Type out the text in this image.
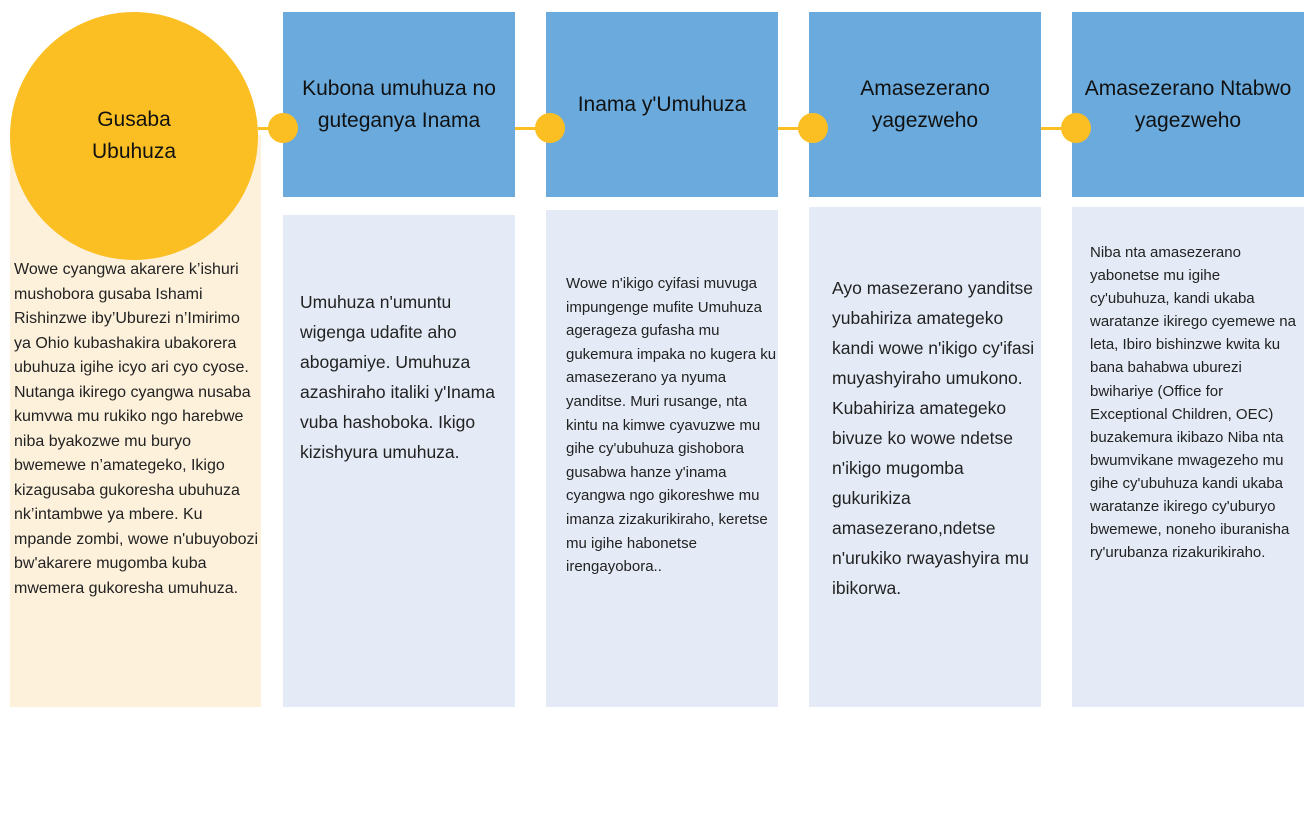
Gusaba Ubuhuza
Wowe cyangwa akarere k’ishuri mushobora gusaba Ishami Rishinzwe iby’Uburezi n’Imirimo ya Ohio kubashakira ubakorera ubuhuza igihe icyo ari cyo cyose. Nutanga ikirego cyangwa nusaba kumvwa mu rukiko ngo harebwe niba byakozwe mu buryo bwemewe n’amategeko, Ikigo kizagusaba gukoresha ubuhuza nk’intambwe ya mbere. Ku mpande zombi, wowe n'ubuyobozi bw'akarere mugomba kuba mwemera gukoresha umuhuza.
Kubona umuhuza no guteganya Inama
Umuhuza n'umuntu wigenga udafite aho abogamiye. Umuhuza azashiraho italiki y'Inama vuba hashoboka. Ikigo kizishyura umuhuza.
Inama y'Umuhuza
Wowe n'ikigo cyifasi muvuga impungenge mufite Umuhuza agerageza gufasha mu gukemura impaka no kugera ku amasezerano ya nyuma yanditse. Muri rusange, nta kintu na kimwe cyavuzwe mu gihe cy'ubuhuza gishobora gusabwa hanze y'inama cyangwa ngo gikoreshwe mu imanza zizakurikiraho, keretse mu igihe habonetse irengayobora..
Amasezerano yagezweho
Ayo masezerano yanditse yubahiriza amategeko kandi wowe n'ikigo cy'ifasi muyashyiraho umukono. Kubahiriza amategeko bivuze ko wowe ndetse n'ikigo mugomba gukurikiza amasezerano,ndetse n'urukiko rwayashyira mu ibikorwa.
Amasezerano Ntabwo yagezweho
Niba nta amasezerano yabonetse mu igihe cy'ubuhuza, kandi ukaba waratanze ikirego cyemewe na leta, Ibiro bishinzwe kwita ku bana bahabwa uburezi bwihariye (Office for Exceptional Children, OEC) buzakemura ikibazo Niba nta bwumvikane mwagezeho mu gihe cy'ubuhuza kandi ukaba waratanze ikirego cy'uburyo bwemewe, noneho iburanisha ry'urubanza rizakurikiraho.
